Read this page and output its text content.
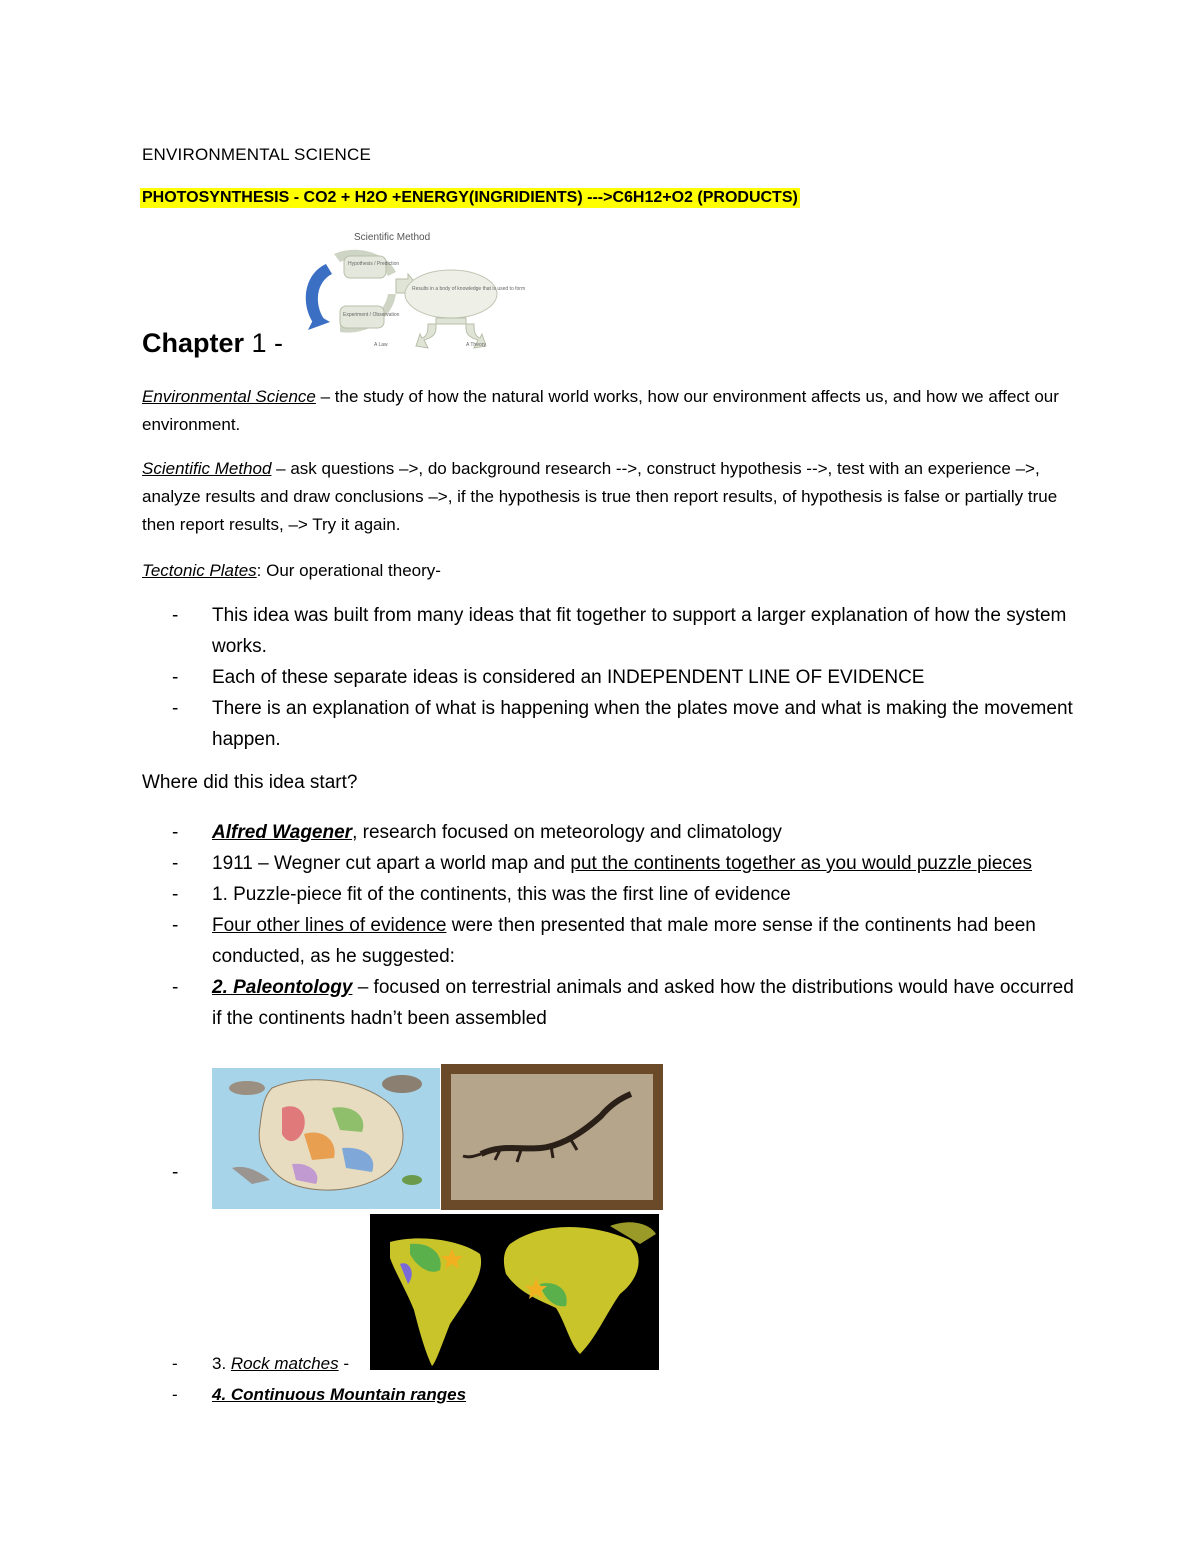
ENVIRONMENTAL SCIENCE
PHOTOSYNTHESIS - CO2 + H2O +ENERGY(INGRIDIENTS) --->C6H12+O2 (PRODUCTS)
Scientific Method
Hypothesis / Prediction
Experiment / Observation
Results in a body of knowledge that is used to form
A Law	A Theory
Chapter 1 -
Environmental Science – the study of how the natural world works, how our environment affects us, and how we affect our environment.
Scientific Method – ask questions –>, do background research -->, construct hypothesis -->, test with an experience –>, analyze results and draw conclusions –>, if the hypothesis is true then report results, of hypothesis is false or partially true then report results, –> Try it again.
Tectonic Plates: Our operational theory-
- This idea was built from many ideas that fit together to support a larger explanation of how the system works.
- Each of these separate ideas is considered an INDEPENDENT LINE OF EVIDENCE
- There is an explanation of what is happening when the plates move and what is making the movement happen.
Where did this idea start?
- Alfred Wagener, research focused on meteorology and climatology
- 1911 – Wegner cut apart a world map and put the continents together as you would puzzle pieces
- 1. Puzzle-piece fit of the continents, this was the first line of evidence
- Four other lines of evidence were then presented that male more sense if the continents had been conducted, as he suggested:
- 2. Paleontology – focused on terrestrial animals and asked how the distributions would have occurred if the continents hadn’t been assembled
-
- 3. Rock matches -
- 4. Continuous Mountain ranges
